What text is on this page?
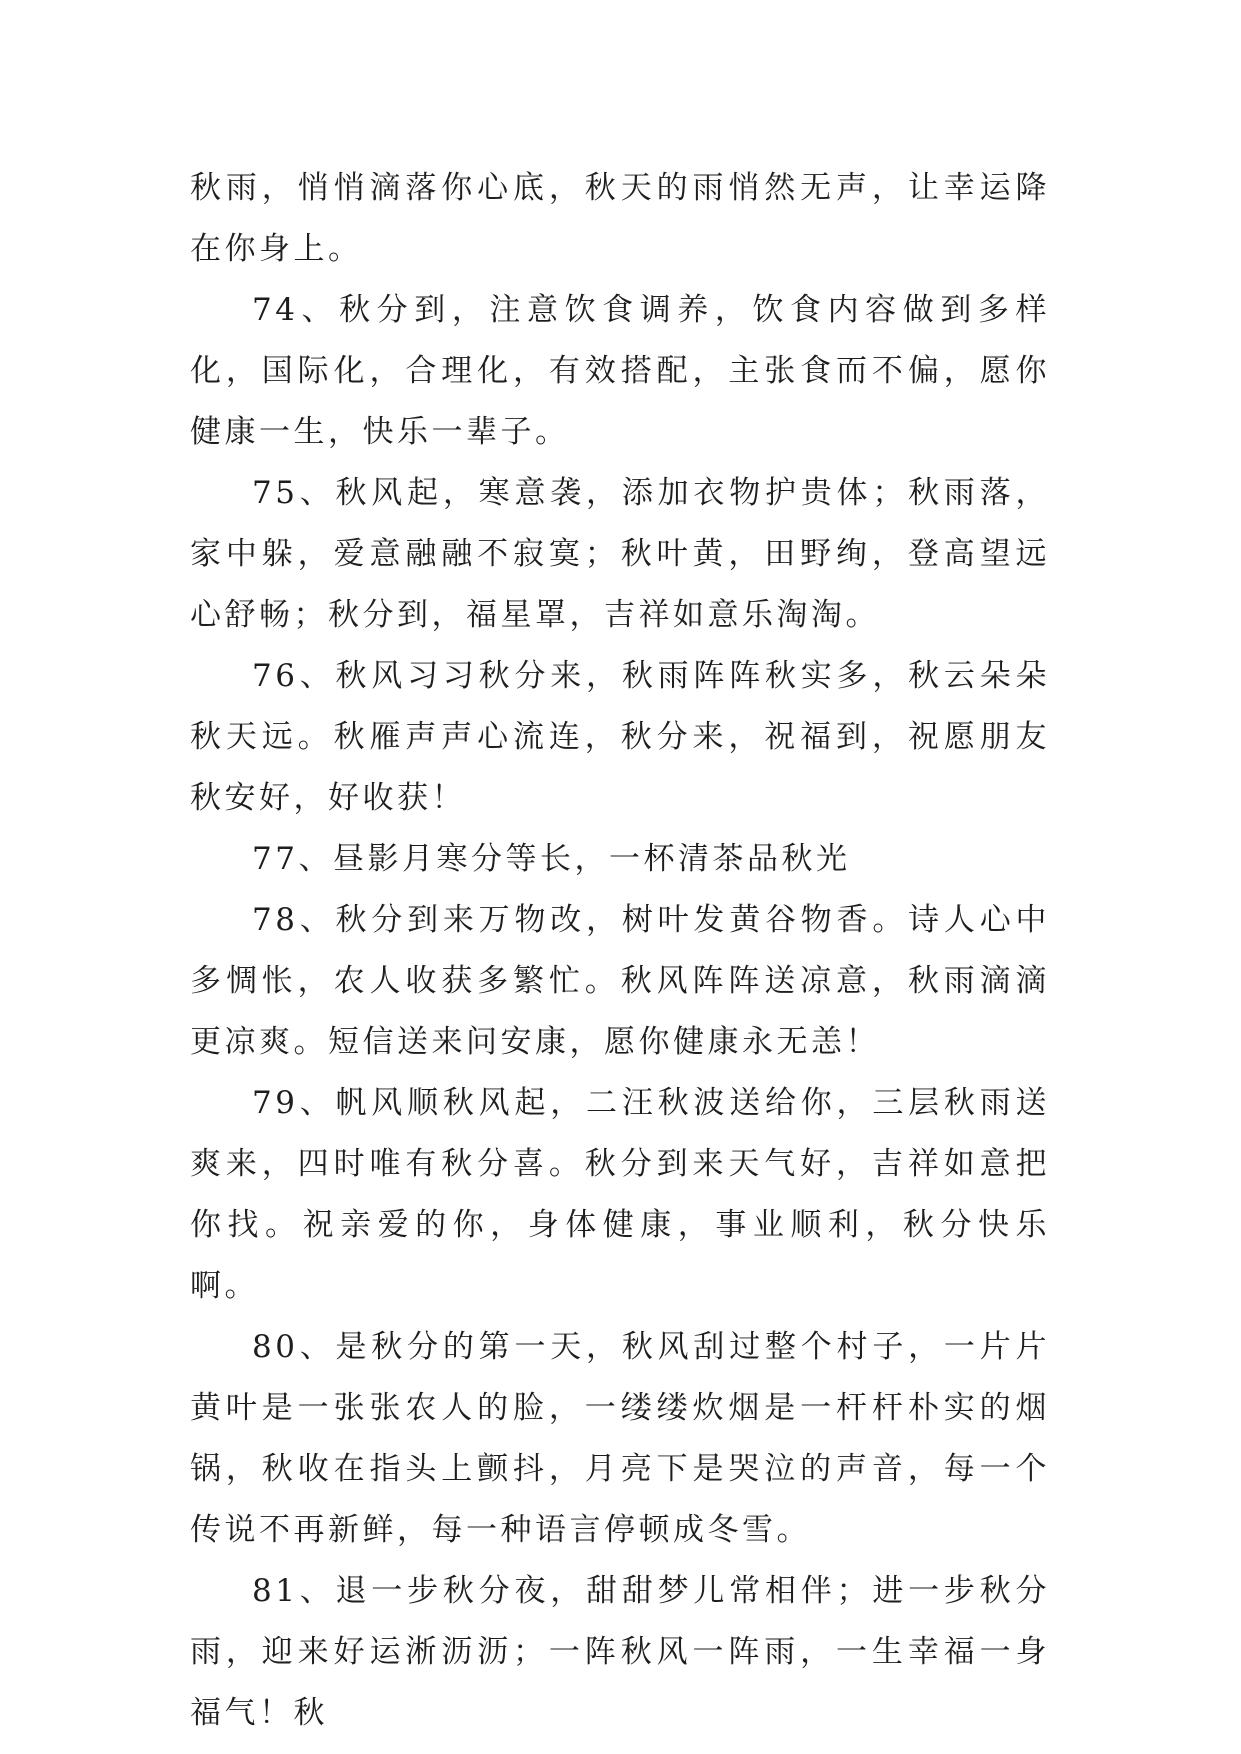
秋雨，悄悄滴落你心底，秋天的雨悄然无声，让幸运降在你身上。

74、秋分到，注意饮食调养，饮食内容做到多样化，国际化，合理化，有效搭配，主张食而不偏，愿你健康一生，快乐一辈子。

75、秋风起，寒意袭，添加衣物护贵体；秋雨落，家中躲，爱意融融不寂寞；秋叶黄，田野绚，登高望远心舒畅；秋分到，福星罩，吉祥如意乐淘淘。

76、秋风习习秋分来，秋雨阵阵秋实多，秋云朵朵秋天远。秋雁声声心流连，秋分来，祝福到，祝愿朋友秋安好，好收获！

77、昼影月寒分等长，一杯清茶品秋光

78、秋分到来万物改，树叶发黄谷物香。诗人心中多惆怅，农人收获多繁忙。秋风阵阵送凉意，秋雨滴滴更凉爽。短信送来问安康，愿你健康永无恙！

79、帆风顺秋风起，二汪秋波送给你，三层秋雨送爽来，四时唯有秋分喜。秋分到来天气好，吉祥如意把你找。祝亲爱的你，身体健康，事业顺利，秋分快乐啊。

80、是秋分的第一天，秋风刮过整个村子，一片片黄叶是一张张农人的脸，一缕缕炊烟是一杆杆朴实的烟锅，秋收在指头上颤抖，月亮下是哭泣的声音，每一个传说不再新鲜，每一种语言停顿成冬雪。

81、退一步秋分夜，甜甜梦儿常相伴；进一步秋分雨，迎来好运淅沥沥；一阵秋风一阵雨，一生幸福一身福气！秋
